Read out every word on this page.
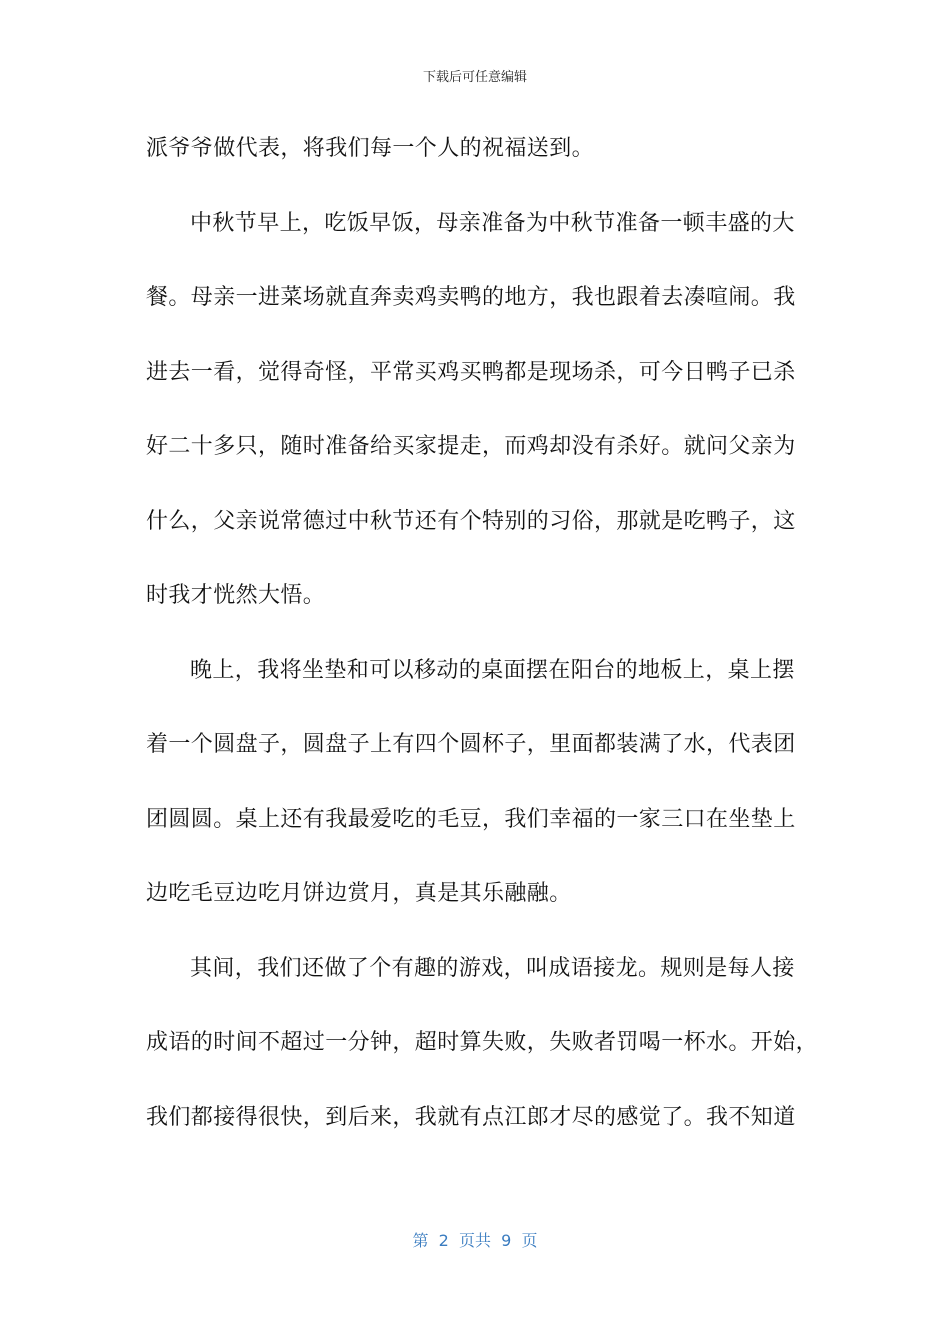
下载后可任意编辑
派爷爷做代表，将我们每一个人的祝福送到。
中秋节早上，吃饭早饭，母亲准备为中秋节准备一顿丰盛的大
餐。母亲一进菜场就直奔卖鸡卖鸭的地方，我也跟着去凑喧闹。我
进去一看，觉得奇怪，平常买鸡买鸭都是现场杀，可今日鸭子已杀
好二十多只，随时准备给买家提走，而鸡却没有杀好。就问父亲为
什么，父亲说常德过中秋节还有个特别的习俗，那就是吃鸭子，这
时我才恍然大悟。
晚上，我将坐垫和可以移动的桌面摆在阳台的地板上，桌上摆
着一个圆盘子，圆盘子上有四个圆杯子，里面都装满了水，代表团
团圆圆。桌上还有我最爱吃的毛豆，我们幸福的一家三口在坐垫上
边吃毛豆边吃月饼边赏月，真是其乐融融。
其间，我们还做了个有趣的游戏，叫成语接龙。规则是每人接
成语的时间不超过一分钟，超时算失败，失败者罚喝一杯水。开始，
我们都接得很快，到后来，我就有点江郎才尽的感觉了。我不知道
第  2  页共  9  页
